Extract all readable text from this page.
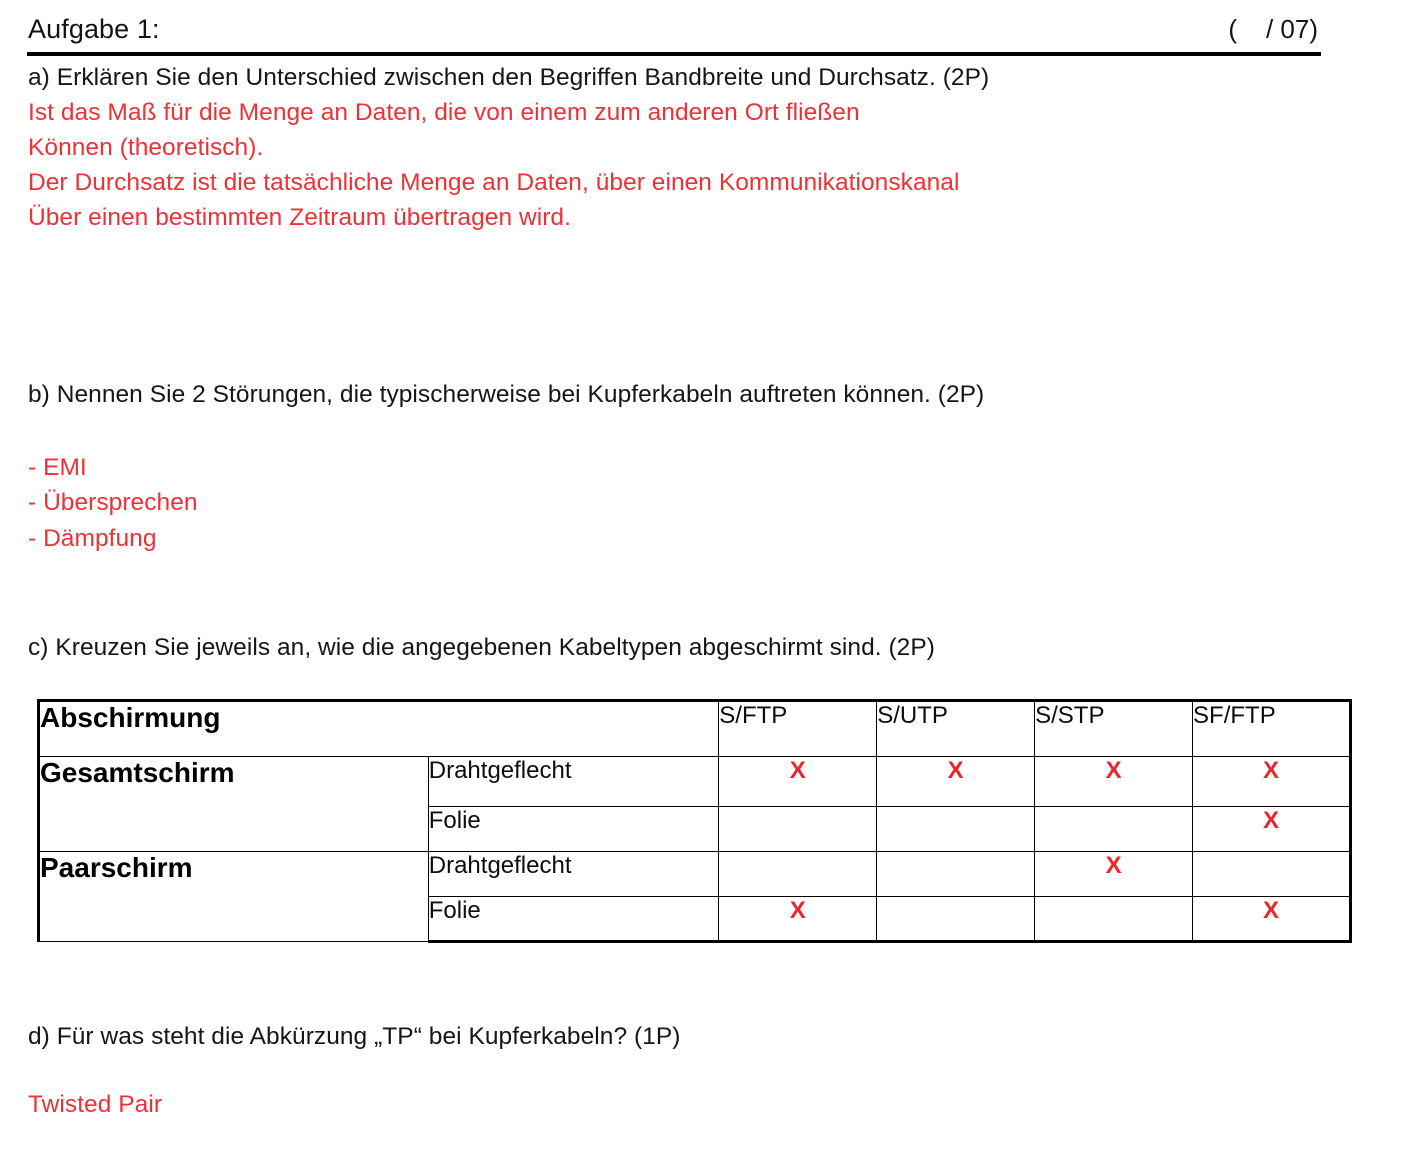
Aufgabe 1:	(    / 07)
a) Erklären Sie den Unterschied zwischen den Begriffen Bandbreite und Durchsatz. (2P)
Ist das Maß für die Menge an Daten, die von einem zum anderen Ort fließen
Können (theoretisch).
Der Durchsatz ist die tatsächliche Menge an Daten, über einen Kommunikationskanal
Über einen bestimmten Zeitraum übertragen wird.
b) Nennen Sie 2 Störungen, die typischerweise bei Kupferkabeln auftreten können. (2P)
- EMI
- Übersprechen
- Dämpfung
c) Kreuzen Sie jeweils an, wie die angegebenen Kabeltypen abgeschirmt sind. (2P)
Abschirmung		S/FTP	S/UTP	S/STP	SF/FTP
Gesamtschirm	Drahtgeflecht	X	X	X	X
	Folie				X
Paarschirm	Drahtgeflecht			X	
	Folie	X			X
d) Für was steht die Abkürzung „TP“ bei Kupferkabeln? (1P)
Twisted Pair
